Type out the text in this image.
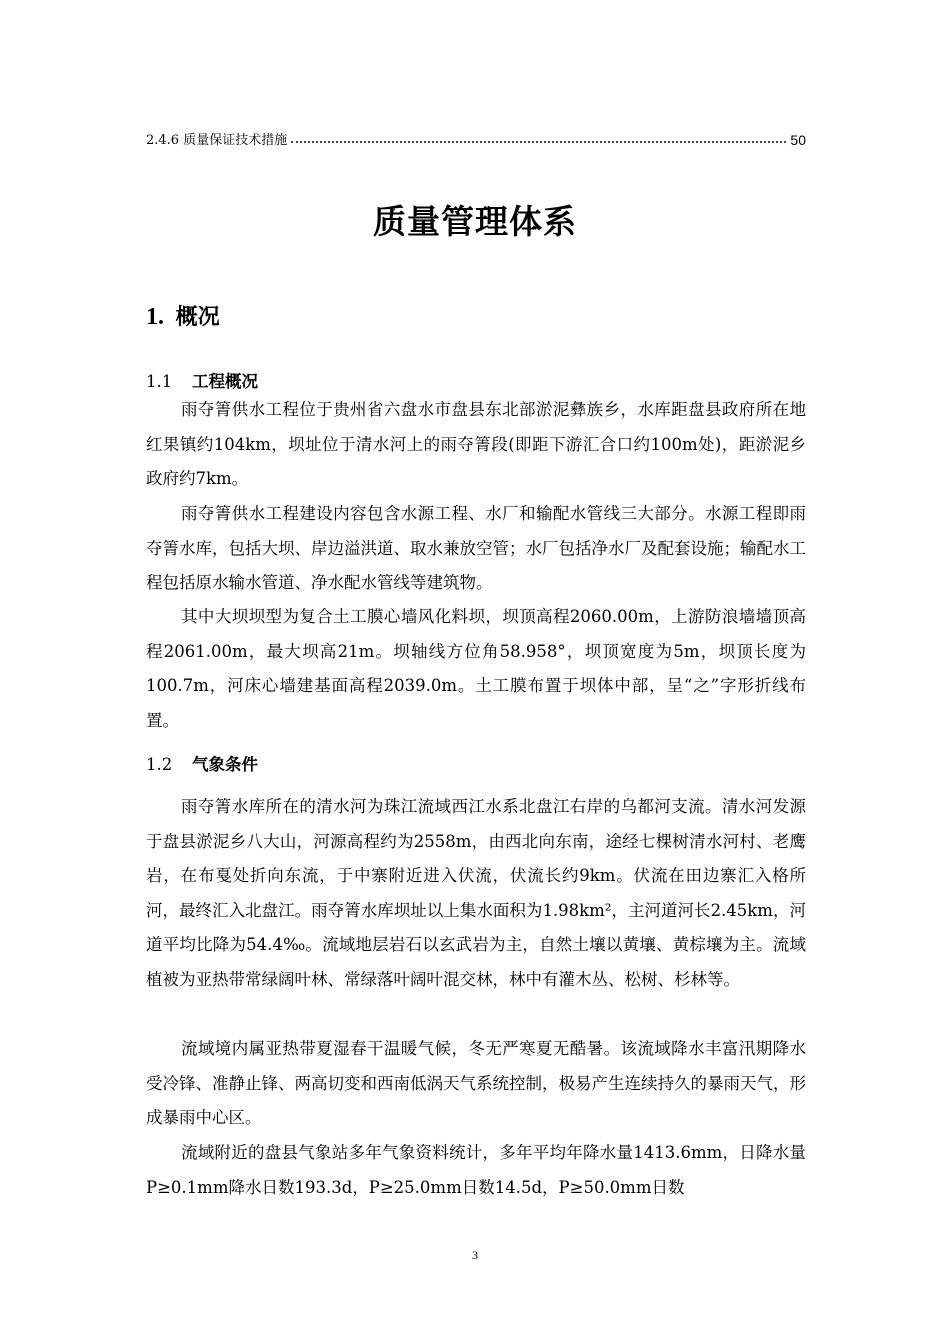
2.4.6 质量保证技术措施	50
质量管理体系
1. 概况
1.1 工程概况

雨夺箐供水工程位于贵州省六盘水市盘县东北部淤泥彝族乡，水库距盘县政府所在地红果镇约104km，坝址位于清水河上的雨夺箐段(即距下游汇合口约100m处)，距淤泥乡政府约7km。

雨夺箐供水工程建设内容包含水源工程、水厂和输配水管线三大部分。水源工程即雨夺箐水库，包括大坝、岸边溢洪道、取水兼放空管；水厂包括净水厂及配套设施；输配水工程包括原水输水管道、净水配水管线等建筑物。

其中大坝坝型为复合土工膜心墙风化料坝，坝顶高程2060.00m，上游防浪墙墙顶高程2061.00m，最大坝高21m。坝轴线方位角58.958°，坝顶宽度为5m，坝顶长度为100.7m，河床心墙建基面高程2039.0m。土工膜布置于坝体中部，呈“之”字形折线布置。

1.2 气象条件

雨夺箐水库所在的清水河为珠江流域西江水系北盘江右岸的乌都河支流。清水河发源于盘县淤泥乡八大山，河源高程约为2558m，由西北向东南，途经七棵树清水河村、老鹰岩，在布戛处折向东流，于中寨附近进入伏流，伏流长约9km。伏流在田边寨汇入格所河，最终汇入北盘江。雨夺箐水库坝址以上集水面积为1.98km²，主河道河长2.45km，河道平均比降为54.4‰。流域地层岩石以玄武岩为主，自然土壤以黄壤、黄棕壤为主。流域植被为亚热带常绿阔叶林、常绿落叶阔叶混交林，林中有灌木丛、松树、杉林等。

流域境内属亚热带夏湿春干温暖气候，冬无严寒夏无酷暑。该流域降水丰富汛期降水受冷锋、准静止锋、两高切变和西南低涡天气系统控制，极易产生连续持久的暴雨天气，形成暴雨中心区。

流域附近的盘县气象站多年气象资料统计，多年平均年降水量1413.6mm，日降水量P≥0.1mm降水日数193.3d，P≥25.0mm日数14.5d，P≥50.0mm日数

3
